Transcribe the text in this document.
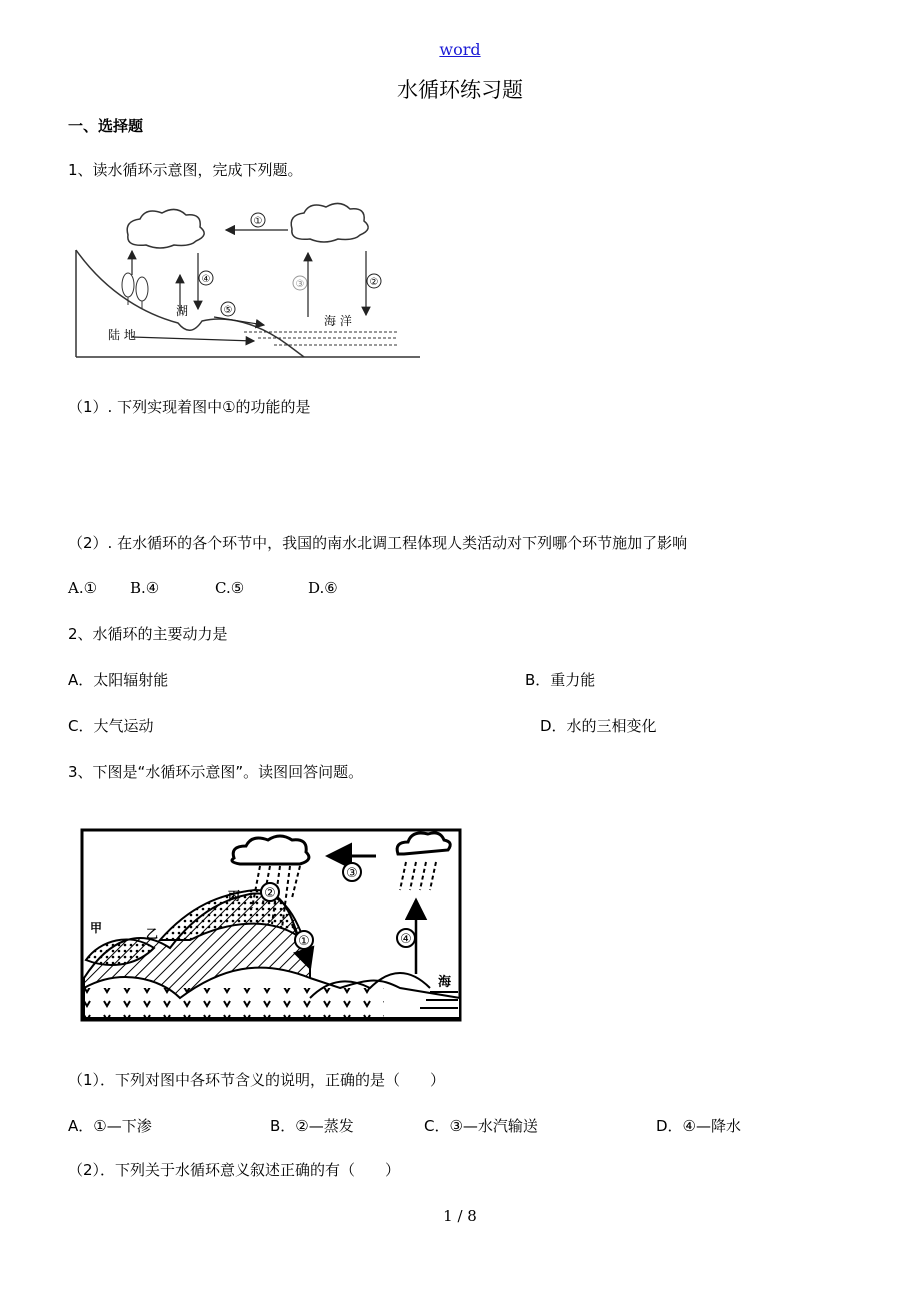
word
水循环练习题
一、选择题
1、读水循环示意图，完成下列题。
①
④
湖	⑤
陆 地
海 洋
③	②
（1）. 下列实现着图中①的功能的是
（2）. 在水循环的各个环节中，我国的南水北调工程体现人类活动对下列哪个环节施加了影响
A.① B.④	C.⑤	D.⑥
2、水循环的主要动力是
A．太阳辐射能	B．重力能
C．大气运动	D．水的三相变化
3、下图是“水循环示意图”。读图回答问题。
③
④
海
①
②
甲	乙
丙
（1）．下列对图中各环节含义的说明，正确的是（　　）
A．①—下渗	B．②—蒸发	C．③—水汽输送	D．④—降水
（2）．下列关于水循环意义叙述正确的有（　　）
1 / 8
